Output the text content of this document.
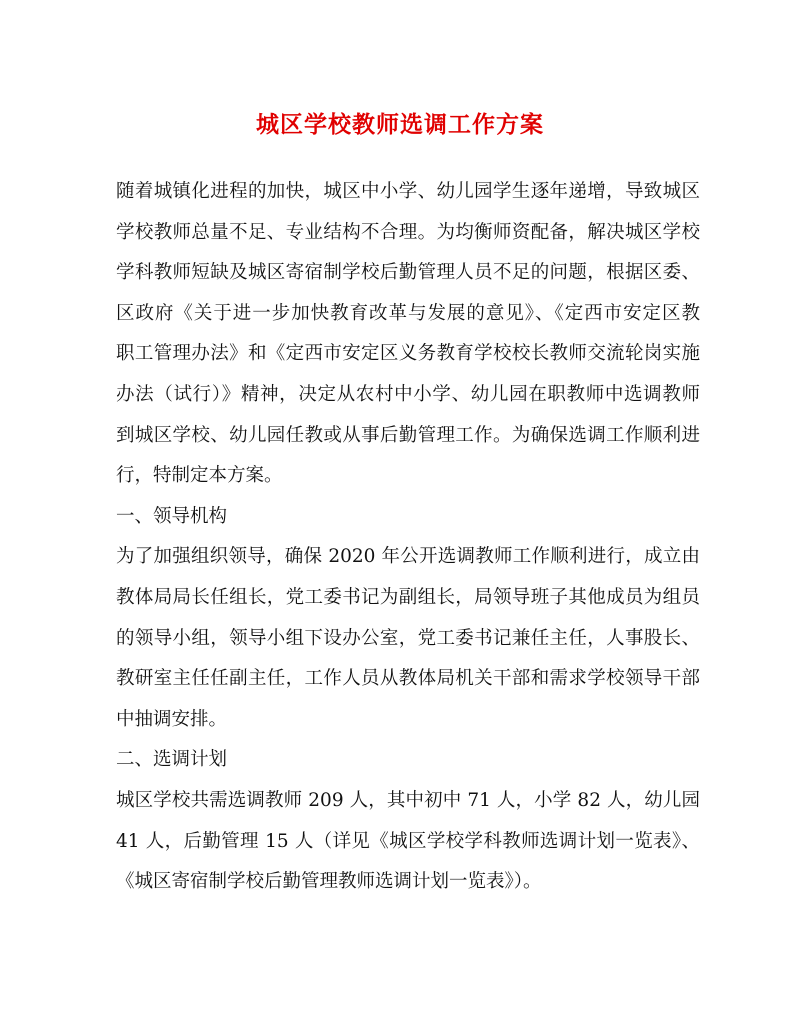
城区学校教师选调工作方案
随着城镇化进程的加快，城区中小学、幼儿园学生逐年递增，导致城区
学校教师总量不足、专业结构不合理。为均衡师资配备，解决城区学校
学科教师短缺及城区寄宿制学校后勤管理人员不足的问题，根据区委、
区政府《关于进一步加快教育改革与发展的意见》、《定西市安定区教
职工管理办法》和《定西市安定区义务教育学校校长教师交流轮岗实施
办法（试行）》精神，决定从农村中小学、幼儿园在职教师中选调教师
到城区学校、幼儿园任教或从事后勤管理工作。为确保选调工作顺利进
行，特制定本方案。
一、领导机构
为了加强组织领导，确保 2020 年公开选调教师工作顺利进行，成立由
教体局局长任组长，党工委书记为副组长，局领导班子其他成员为组员
的领导小组，领导小组下设办公室，党工委书记兼任主任，人事股长、
教研室主任任副主任，工作人员从教体局机关干部和需求学校领导干部
中抽调安排。
二、选调计划
城区学校共需选调教师 209 人，其中初中 71 人，小学 82 人，幼儿园
41 人，后勤管理 15 人（详见《城区学校学科教师选调计划一览表》、
《城区寄宿制学校后勤管理教师选调计划一览表》）。
